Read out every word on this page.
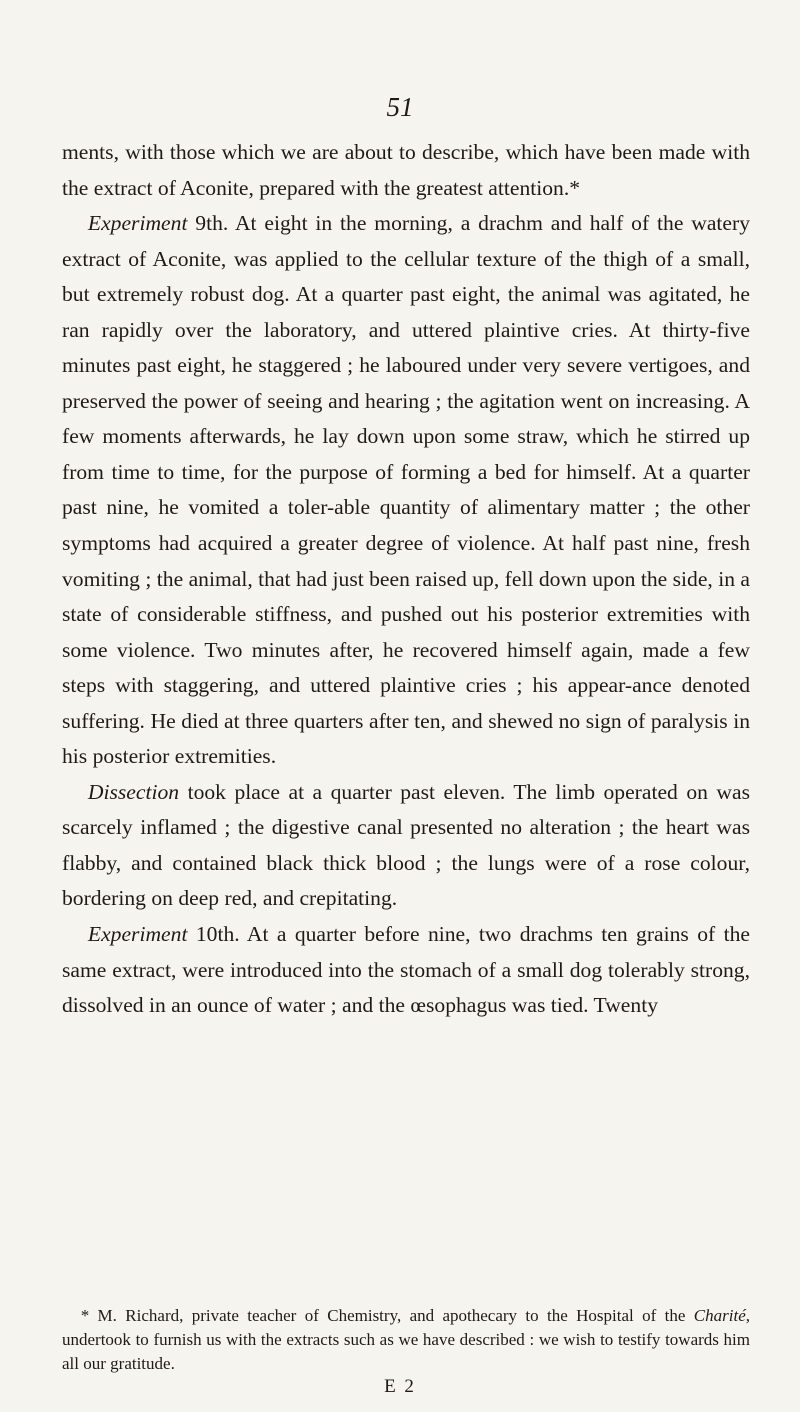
51

ments, with those which we are about to describe, which have been made with the extract of Aconite, prepared with the greatest attention.*

Experiment 9th. At eight in the morning, a drachm and half of the watery extract of Aconite, was applied to the cellular texture of the thigh of a small, but extremely robust dog. At a quarter past eight, the animal was agitated, he ran rapidly over the laboratory, and uttered plaintive cries. At thirty-five minutes past eight, he staggered ; he laboured under very severe vertigoes, and preserved the power of seeing and hearing ; the agitation went on increasing. A few moments afterwards, he lay down upon some straw, which he stirred up from time to time, for the purpose of forming a bed for himself. At a quarter past nine, he vomited a toler-able quantity of alimentary matter ; the other symptoms had acquired a greater degree of violence. At half past nine, fresh vomiting ; the animal, that had just been raised up, fell down upon the side, in a state of considerable stiffness, and pushed out his posterior extremities with some violence. Two minutes after, he recovered himself again, made a few steps with staggering, and uttered plaintive cries ; his appear-ance denoted suffering. He died at three quarters after ten, and shewed no sign of paralysis in his posterior extremities.

Dissection took place at a quarter past eleven. The limb operated on was scarcely inflamed ; the digestive canal presented no alteration ; the heart was flabby, and contained black thick blood ; the lungs were of a rose colour, bordering on deep red, and crepitating.

Experiment 10th. At a quarter before nine, two drachms ten grains of the same extract, were introduced into the stomach of a small dog tolerably strong, dissolved in an ounce of water ; and the œsophagus was tied. Twenty

* M. Richard, private teacher of Chemistry, and apothecary to the Hospital of the Charité, undertook to furnish us with the extracts such as we have described : we wish to testify towards him all our gratitude.

E 2
